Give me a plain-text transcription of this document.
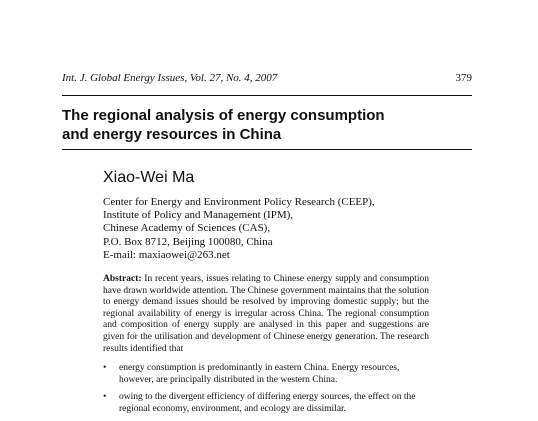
Int. J. Global Energy Issues, Vol. 27, No. 4, 2007	379
The regional analysis of energy consumption
and energy resources in China
Xiao-Wei Ma
Center for Energy and Environment Policy Research (CEEP),
Institute of Policy and Management (IPM),
Chinese Academy of Sciences (CAS),
P.O. Box 8712, Beijing 100080, China
E-mail: maxiaowei@263.net

Abstract: In recent years, issues relating to Chinese energy supply and consumption have drawn worldwide attention. The Chinese government maintains that the solution to energy demand issues should be resolved by improving domestic supply; but the regional availability of energy is irregular across China. The regional consumption and composition of energy supply are analysed in this paper and suggestions are given for the utilisation and development of Chinese energy generation. The research results identified that

• energy consumption is predominantly in eastern China. Energy resources, however, are principally distributed in the western China.
• owing to the divergent efficiency of differing energy sources, the effect on the regional economy, environment, and ecology are dissimilar.
